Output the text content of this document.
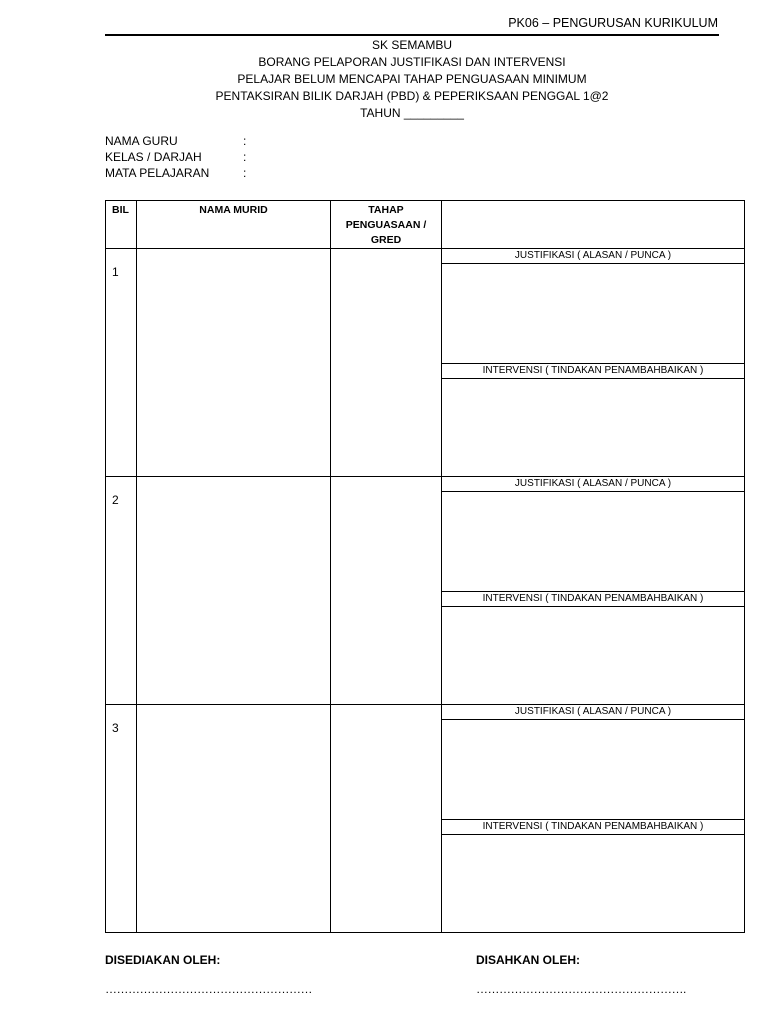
PK06 – PENGURUSAN KURIKULUM
SK SEMAMBU
BORANG PELAPORAN JUSTIFIKASI DAN INTERVENSI
PELAJAR BELUM MENCAPAI TAHAP PENGUASAAN MINIMUM
PENTAKSIRAN BILIK DARJAH (PBD) & PEPERIKSAAN PENGGAL 1@2
TAHUN _________
NAMA GURU	:
KELAS / DARJAH	:
MATA PELAJARAN	:
BIL	NAMA MURID	TAHAP PENGUASAAN / GRED	

1			JUSTIFIKASI ( ALASAN / PUNCA )
INTERVENSI ( TINDAKAN PENAMBAHBAIKAN )

2			JUSTIFIKASI ( ALASAN / PUNCA )
INTERVENSI ( TINDAKAN PENAMBAHBAIKAN )

3			JUSTIFIKASI ( ALASAN / PUNCA )
INTERVENSI ( TINDAKAN PENAMBAHBAIKAN )
DISEDIAKAN OLEH:
………………………………………………
DISAHKAN OLEH:
……………………………………………….
